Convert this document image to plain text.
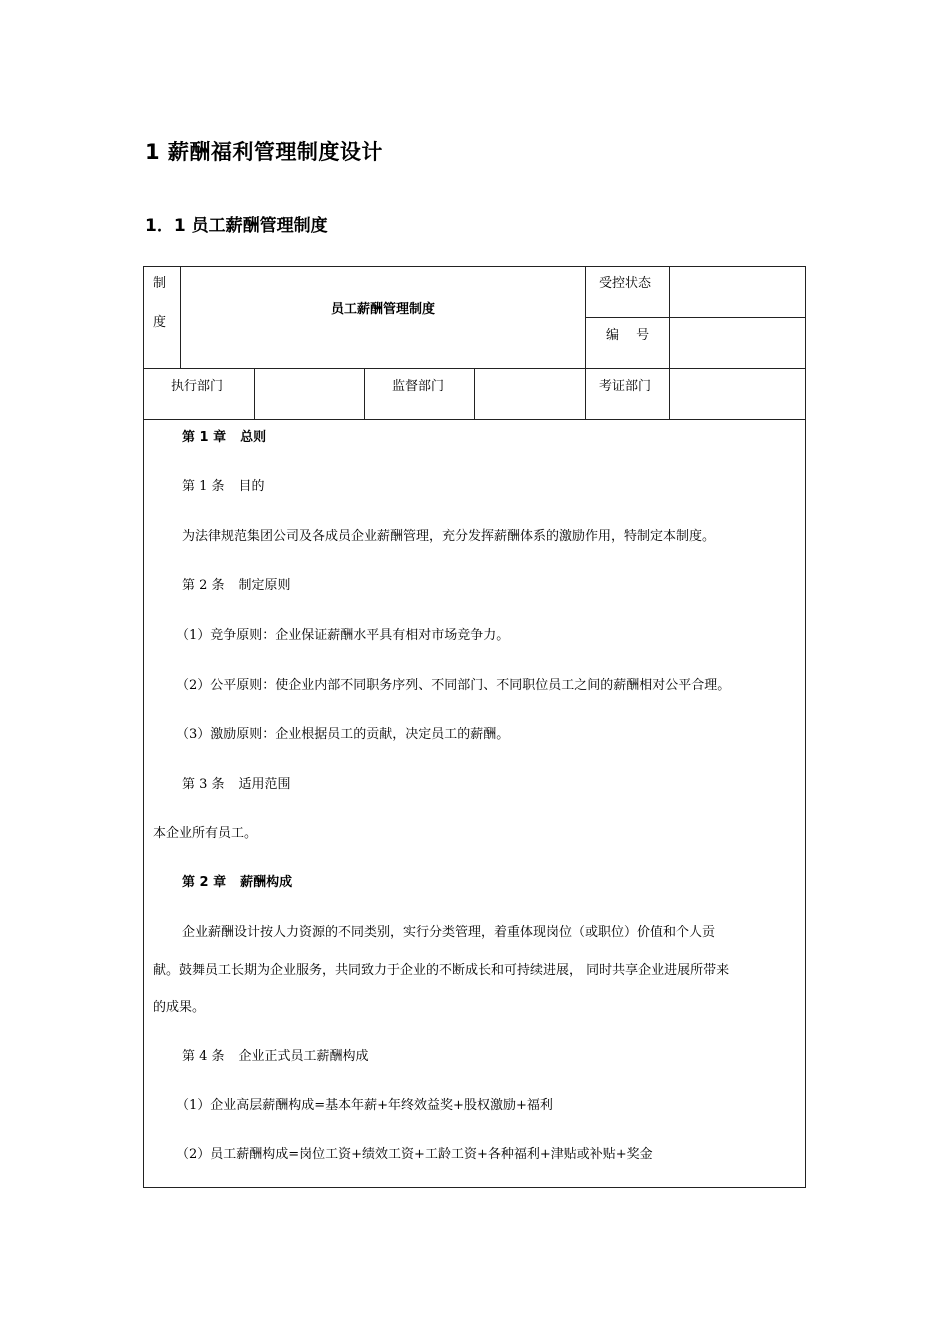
1 薪酬福利管理制度设计
1．1 员工薪酬管理制度
制
度
员工薪酬管理制度
受控状态
编　 号
执行部门	监督部门	考证部门
第 1 章 总则
第 1 条 目的
为法律规范集团公司及各成员企业薪酬管理，充分发挥薪酬体系的激励作用，特制定本制度。
第 2 条 制定原则
（1）竞争原则：企业保证薪酬水平具有相对市场竞争力。
（2）公平原则：使企业内部不同职务序列、不同部门、不同职位员工之间的薪酬相对公平合理。
（3）激励原则：企业根据员工的贡献，决定员工的薪酬。
第 3 条 适用范围
本企业所有员工。
第 2 章 薪酬构成
企业薪酬设计按人力资源的不同类别，实行分类管理，着重体现岗位（或职位）价值和个人贡
献。鼓舞员工长期为企业服务，共同致力于企业的不断成长和可持续进展， 同时共享企业进展所带来
的成果。
第 4 条 企业正式员工薪酬构成
（1）企业高层薪酬构成=基本年薪+年终效益奖+股权激励+福利
（2）员工薪酬构成=岗位工资+绩效工资+工龄工资+各种福利+津贴或补贴+奖金
